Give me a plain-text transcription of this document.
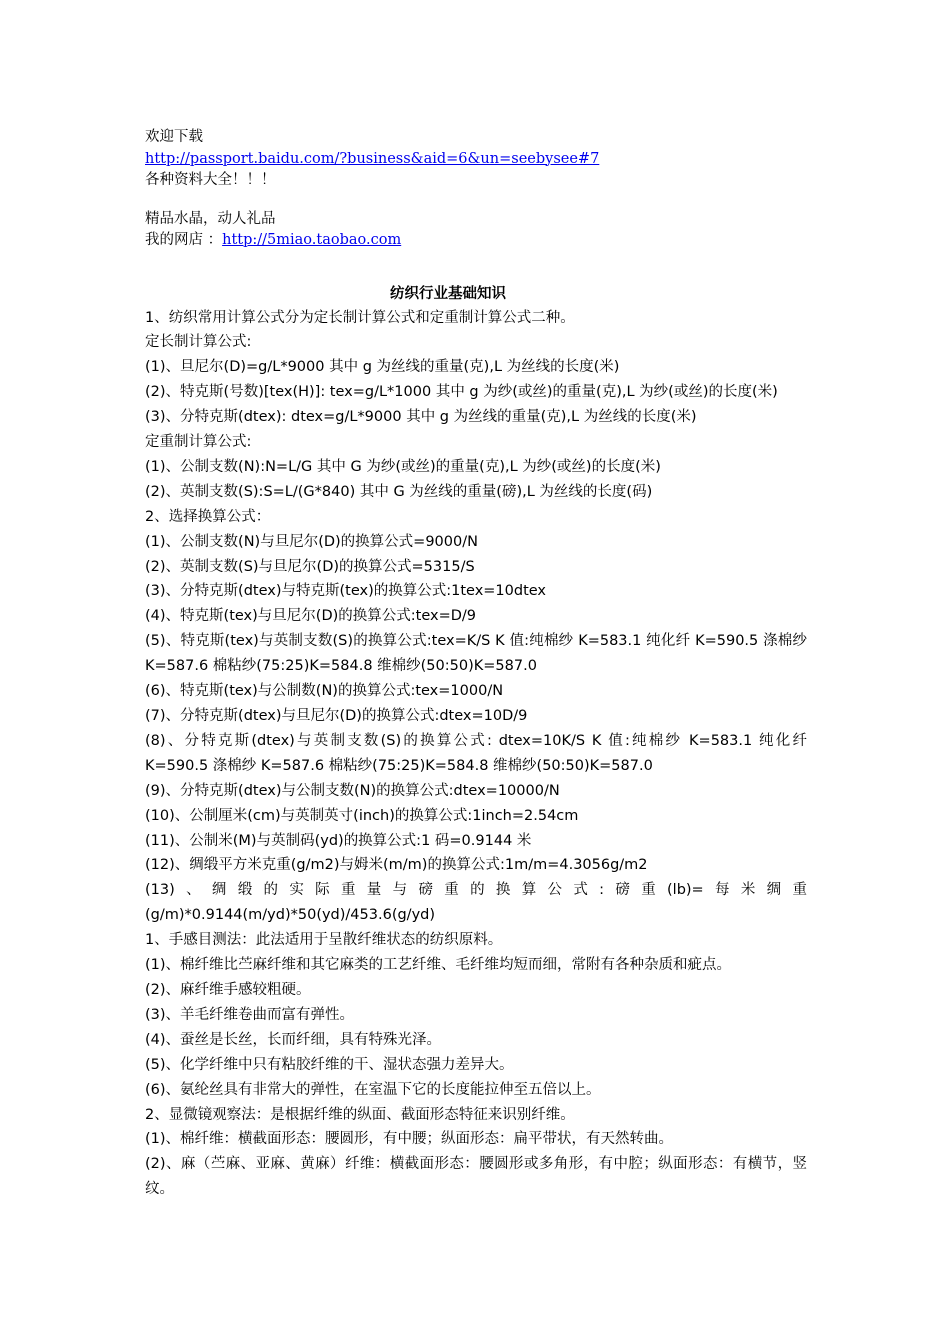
欢迎下载
http://passport.baidu.com/?business&aid=6&un=seebysee#7
各种资料大全！！！
精品水晶，动人礼品
我的网店 ：http://5miao.taobao.com
纺织行业基础知识

1、纺织常用计算公式分为定长制计算公式和定重制计算公式二种。

定长制计算公式:

(1)、旦尼尔(D)=g/L*9000 其中 g 为丝线的重量(克),L 为丝线的长度(米)

(2)、特克斯(号数)[tex(H)]: tex=g/L*1000 其中 g 为纱(或丝)的重量(克),L 为纱(或丝)的长度(米)

(3)、分特克斯(dtex): dtex=g/L*9000 其中 g 为丝线的重量(克),L 为丝线的长度(米)

定重制计算公式:

(1)、公制支数(N):N=L/G 其中 G 为纱(或丝)的重量(克),L 为纱(或丝)的长度(米)

(2)、英制支数(S):S=L/(G*840) 其中 G 为丝线的重量(磅),L 为丝线的长度(码)

2、选择换算公式：

(1)、公制支数(N)与旦尼尔(D)的换算公式=9000/N

(2)、英制支数(S)与旦尼尔(D)的换算公式=5315/S

(3)、分特克斯(dtex)与特克斯(tex)的换算公式:1tex=10dtex

(4)、特克斯(tex)与旦尼尔(D)的换算公式:tex=D/9

(5)、特克斯(tex)与英制支数(S)的换算公式:tex=K/S K 值:纯棉纱 K=583.1 纯化纤 K=590.5 涤棉纱 K=587.6 棉粘纱(75:25)K=584.8 维棉纱(50:50)K=587.0

(6)、特克斯(tex)与公制数(N)的换算公式:tex=1000/N

(7)、分特克斯(dtex)与旦尼尔(D)的换算公式:dtex=10D/9

(8)、分特克斯(dtex)与英制支数(S)的换算公式: dtex=10K/S K 值:纯棉纱 K=583.1 纯化纤 K=590.5 涤棉纱 K=587.6 棉粘纱(75:25)K=584.8 维棉纱(50:50)K=587.0

(9)、分特克斯(dtex)与公制支数(N)的换算公式:dtex=10000/N

(10)、公制厘米(cm)与英制英寸(inch)的换算公式:1inch=2.54cm

(11)、公制米(M)与英制码(yd)的换算公式:1 码=0.9144 米

(12)、绸缎平方米克重(g/m2)与姆米(m/m)的换算公式:1m/m=4.3056g/m2

(13)、绸缎的实际重量与磅重的换算公式:磅重(lb)=每米绸重(g/m)*0.9144(m/yd)*50(yd)/453.6(g/yd)

1、手感目测法：此法适用于呈散纤维状态的纺织原料。

(1)、棉纤维比苎麻纤维和其它麻类的工艺纤维、毛纤维均短而细，常附有各种杂质和疵点。

(2)、麻纤维手感较粗硬。

(3)、羊毛纤维卷曲而富有弹性。

(4)、蚕丝是长丝，长而纤细，具有特殊光泽。

(5)、化学纤维中只有粘胶纤维的干、湿状态强力差异大。

(6)、氨纶丝具有非常大的弹性，在室温下它的长度能拉伸至五倍以上。

2、显微镜观察法：是根据纤维的纵面、截面形态特征来识别纤维。

(1)、棉纤维：横截面形态：腰圆形，有中腰；纵面形态：扁平带状，有天然转曲。

(2)、麻（苎麻、亚麻、黄麻）纤维：横截面形态：腰圆形或多角形，有中腔；纵面形态：有横节，竖纹。
